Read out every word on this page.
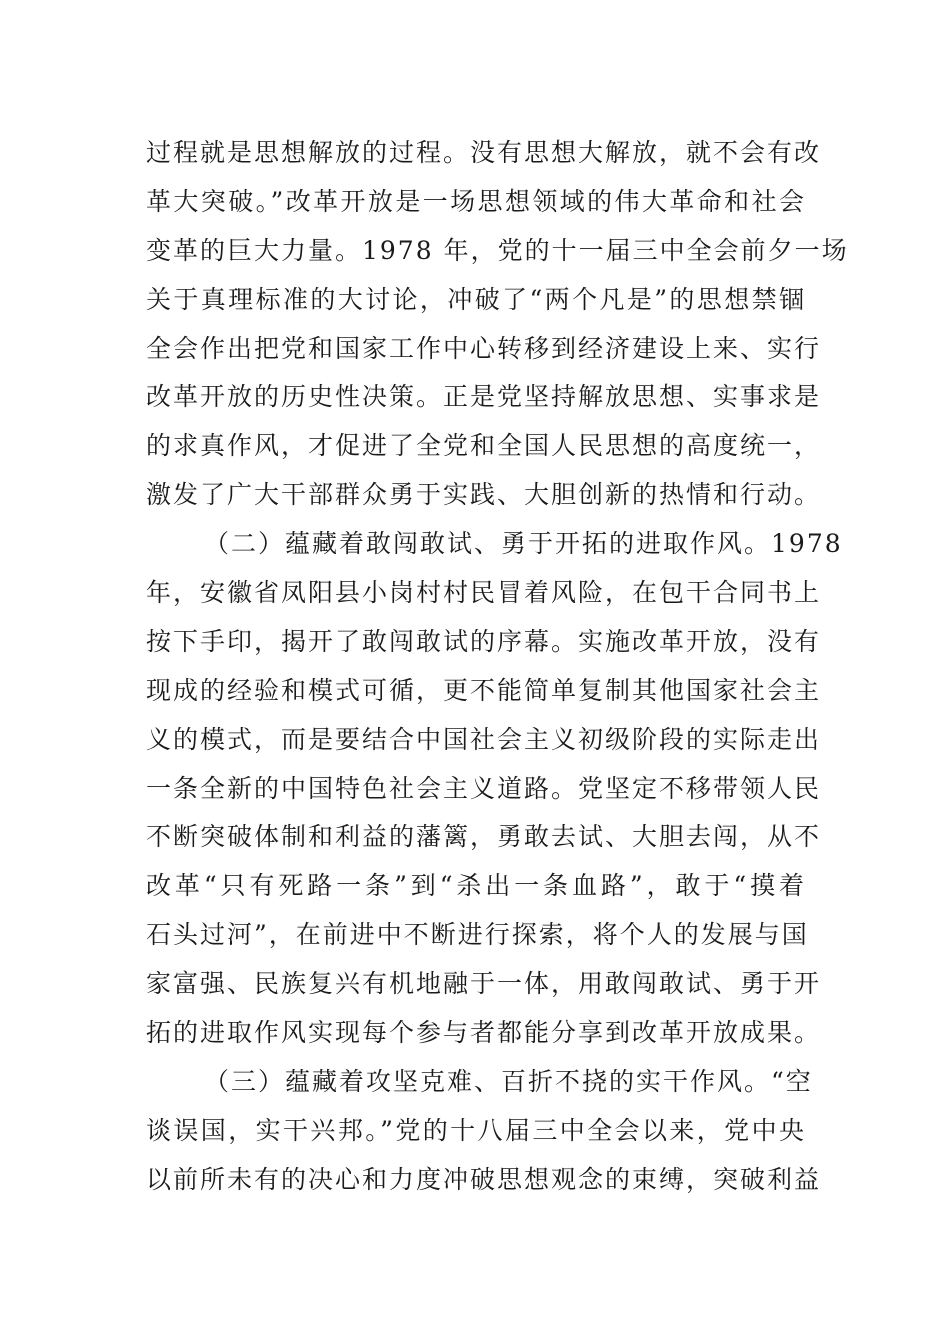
过程就是思想解放的过程。没有思想大解放，就不会有改
革大突破。”改革开放是一场思想领域的伟大革命和社会
变革的巨大力量。1978 年，党的十一届三中全会前夕一场
关于真理标准的大讨论，冲破了“两个凡是”的思想禁锢
全会作出把党和国家工作中心转移到经济建设上来、实行
改革开放的历史性决策。正是党坚持解放思想、实事求是
的求真作风，才促进了全党和全国人民思想的高度统一，
激发了广大干部群众勇于实践、大胆创新的热情和行动。
（二）蕴藏着敢闯敢试、勇于开拓的进取作风。1978
年，安徽省凤阳县小岗村村民冒着风险，在包干合同书上
按下手印，揭开了敢闯敢试的序幕。实施改革开放，没有
现成的经验和模式可循，更不能简单复制其他国家社会主
义的模式，而是要结合中国社会主义初级阶段的实际走出
一条全新的中国特色社会主义道路。党坚定不移带领人民
不断突破体制和利益的藩篱，勇敢去试、大胆去闯，从不
改革“只有死路一条”到“杀出一条血路”，敢于“摸着
石头过河”，在前进中不断进行探索，将个人的发展与国
家富强、民族复兴有机地融于一体，用敢闯敢试、勇于开
拓的进取作风实现每个参与者都能分享到改革开放成果。
（三）蕴藏着攻坚克难、百折不挠的实干作风。“空
谈误国，实干兴邦。”党的十八届三中全会以来，党中央
以前所未有的决心和力度冲破思想观念的束缚，突破利益
